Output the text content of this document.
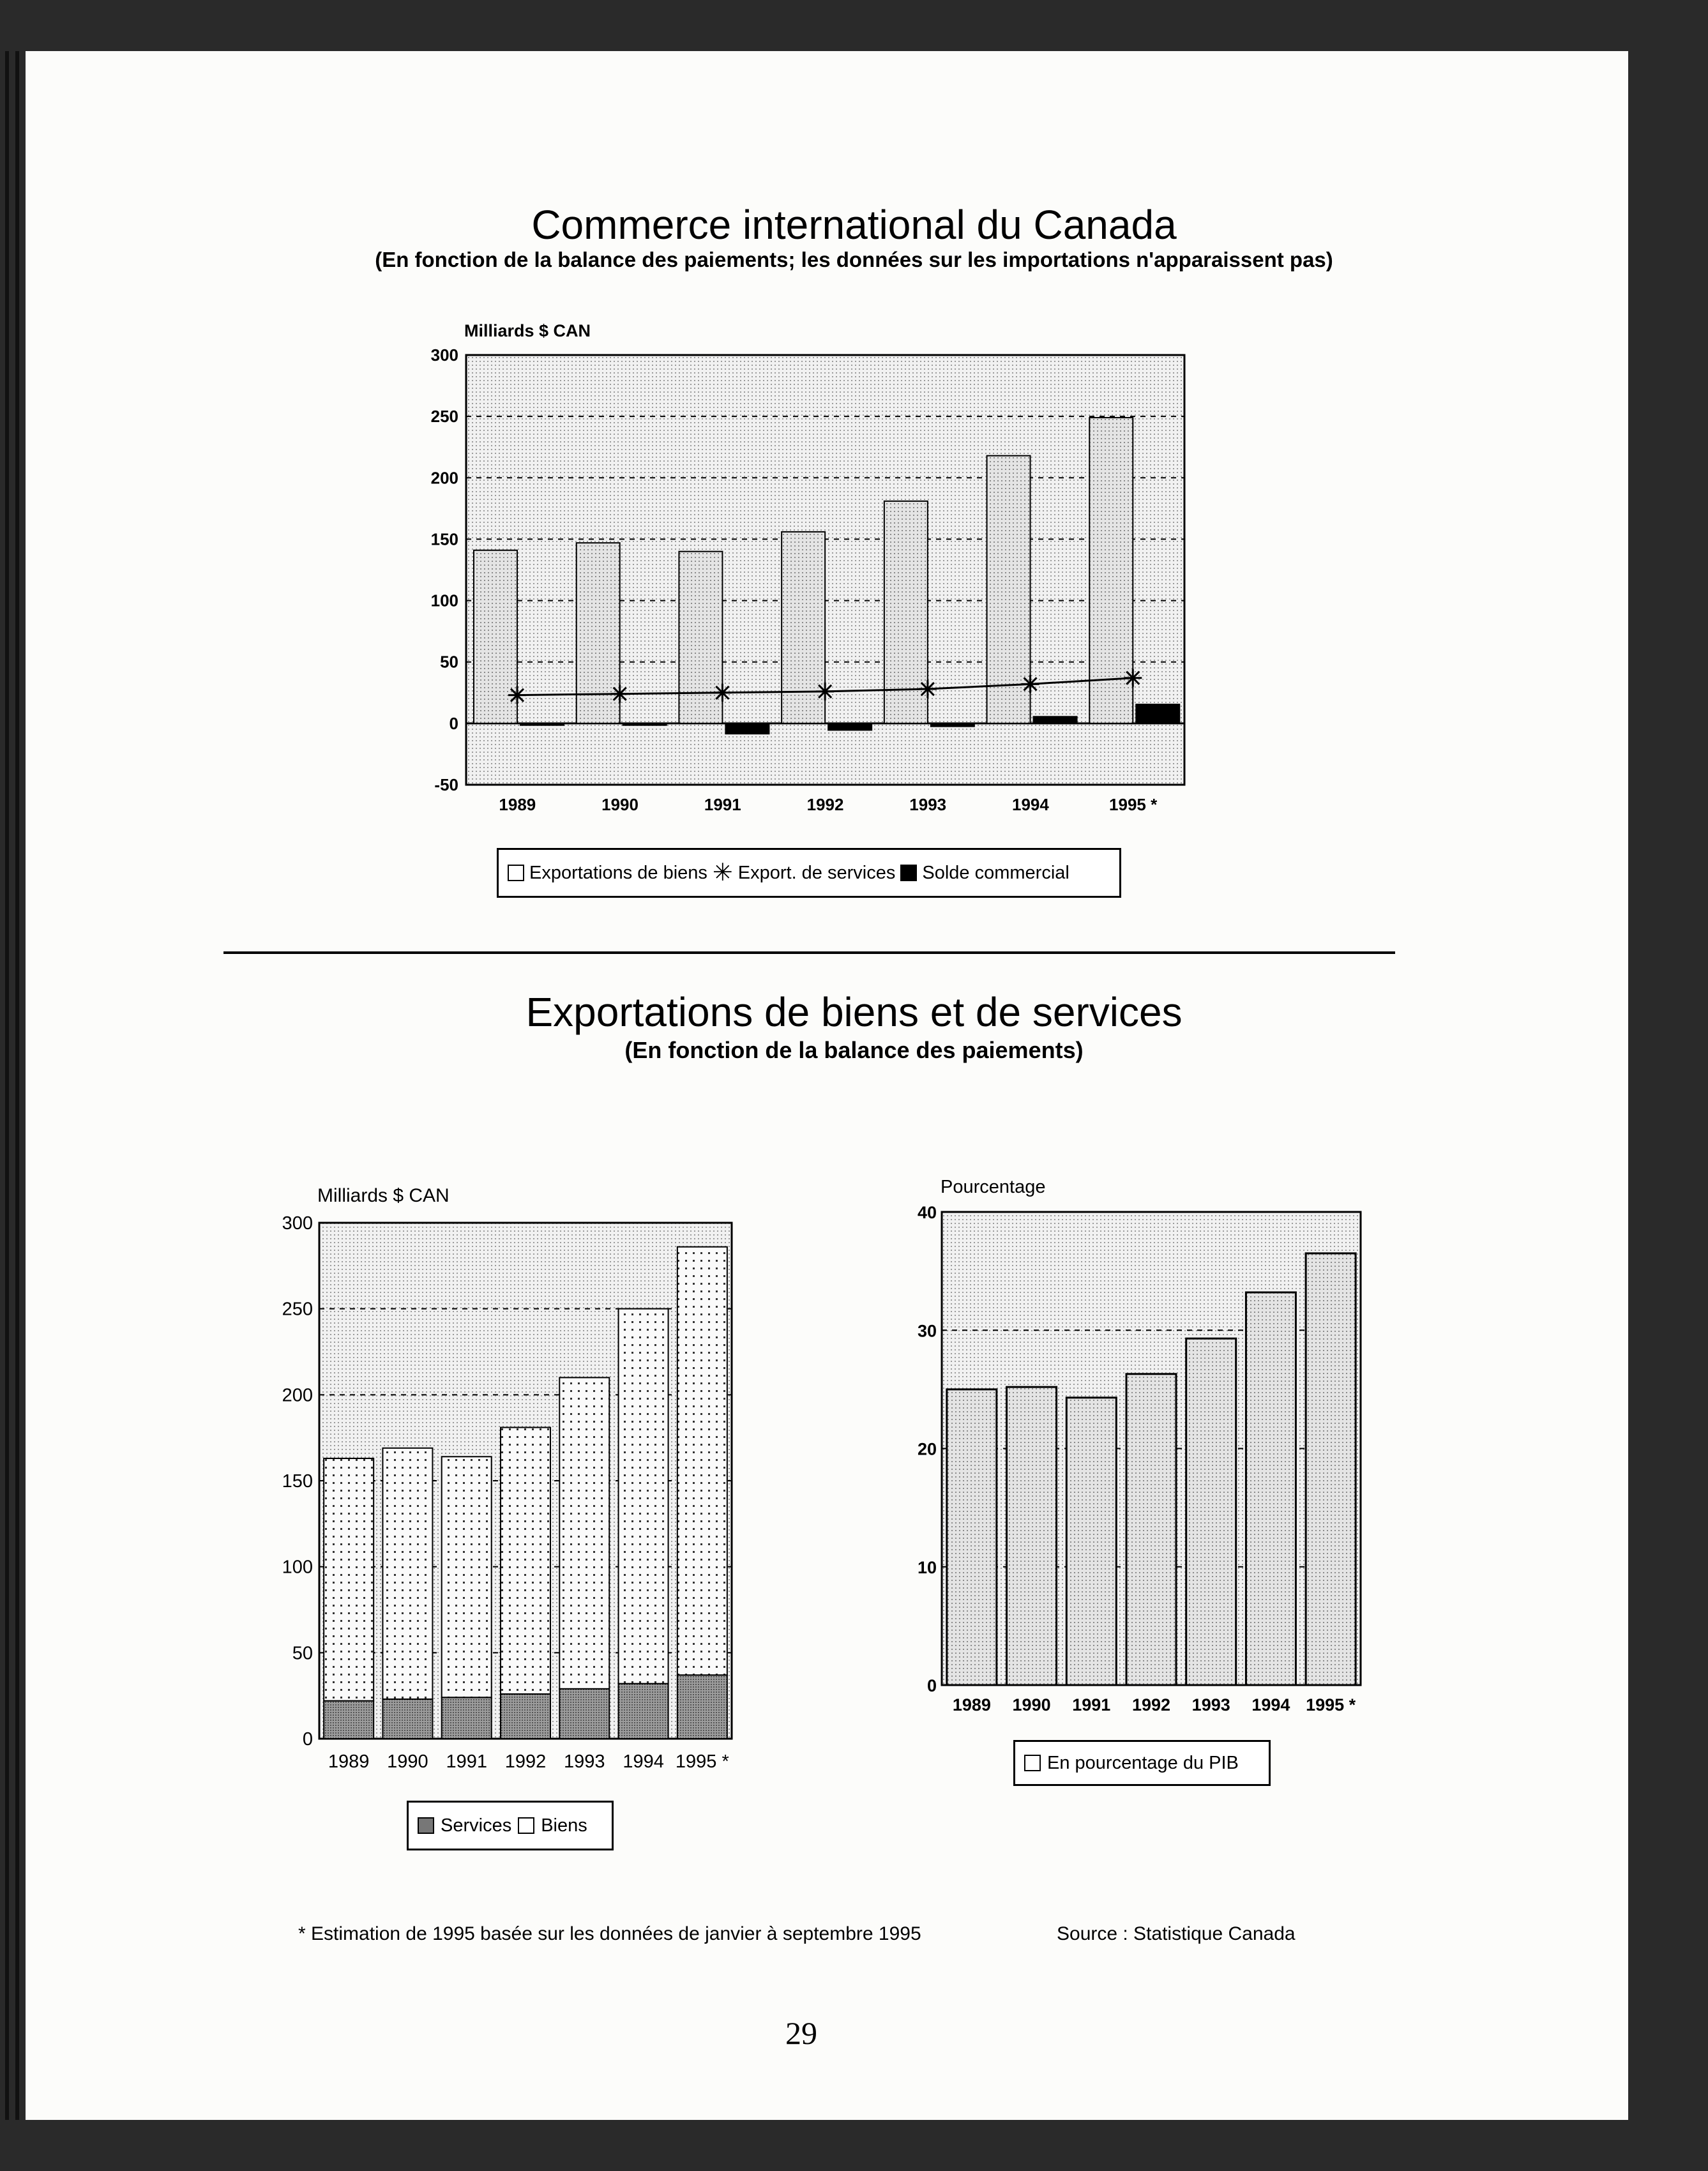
Commerce international du Canada
(En fonction de la balance des paiements; les données sur les importations n'apparaissent pas)
Exportations de biens et de services
(En fonction de la balance des paiements)
Milliards $ CAN
300
250
200
150
100
50
0
-50
1989	1990	1991	1992	1993	1994	1995 *
Milliards $ CAN
300
250
200
150
100
50
0
1989 1990 1991 1992 1993 1994 1995 *
Pourcentage
40
30
20
10
0
1989 1990 1991 1992 1993 1994 1995 *
Exportations de biens ✳ Export. de services Solde commercial
Services Biens
En pourcentage du PIB
* Estimation de 1995 basée sur les données de janvier à septembre 1995	Source : Statistique Canada
29
